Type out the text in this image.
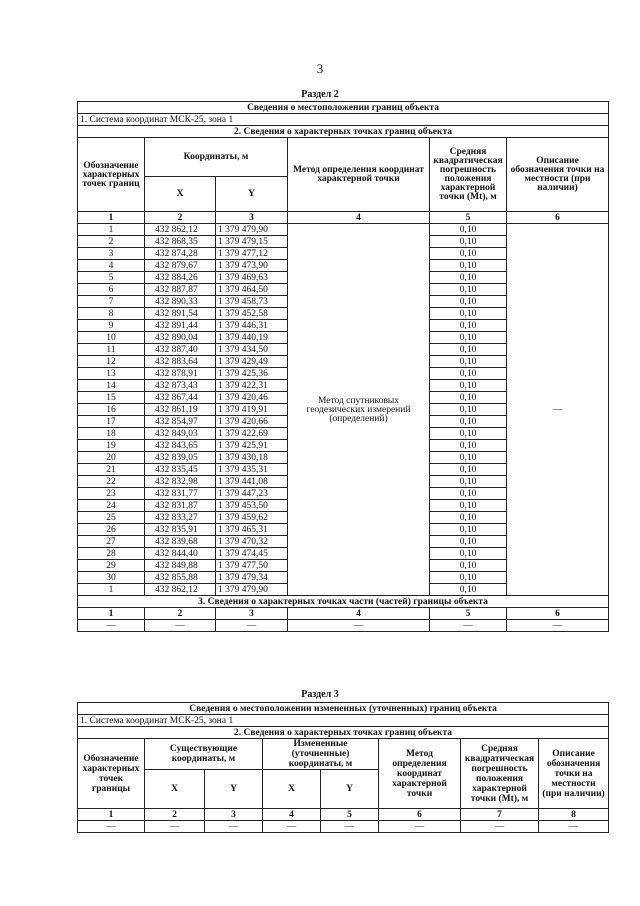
3
Раздел 2
Сведения о местоположении границ объекта					
1. Система координат МСК-25, зона 1					
2. Сведения о характерных точках границ объекта					
Обозначение характерных точек границ	Координаты, м		Метод определения координат характерной точки	Средняя квадратическая погрешность положения характерной точки (Mt), м	Описание обозначения точки на местности (при наличии)
	X	Y			
1	2	3	4	5	6
1	432 862,12	1 379 479,90	Метод спутниковых геодезических измерений (определений)	0,10	—
2	432 868,35	1 379 479,15		0,10	
3	432 874,28	1 379 477,12		0,10	
4	432 879,67	1 379 473,90		0,10	
5	432 884,26	1 379 469,63		0,10	
6	432 887,87	1 379 464,50		0,10	
7	432 890,33	1 379 458,73		0,10	
8	432 891,54	1 379 452,58		0,10	
9	432 891,44	1 379 446,31		0,10	
10	432 890,04	1 379 440,19		0,10	
11	432 887,40	1 379 434,50		0,10	
12	432 883,64	1 379 429,49		0,10	
13	432 878,91	1 379 425,36		0,10	
14	432 873,43	1 379 422,31		0,10	
15	432 867,44	1 379 420,46		0,10	
16	432 861,19	1 379 419,91		0,10	
17	432 854,97	1 379 420,66		0,10	
18	432 849,03	1 379 422,69		0,10	
19	432 843,65	1 379 425,91		0,10	
20	432 839,05	1 379 430,18		0,10	
21	432 835,45	1 379 435,31		0,10	
22	432 832,98	1 379 441,08		0,10	
23	432 831,77	1 379 447,23		0,10	
24	432 831,87	1 379 453,50		0,10	
25	432 833,27	1 379 459,62		0,10	
26	432 835,91	1 379 465,31		0,10	
27	432 839,68	1 379 470,32		0,10	
28	432 844,40	1 379 474,45		0,10	
29	432 849,88	1 379 477,50		0,10	
30	432 855,88	1 379 479,34		0,10	
1	432 862,12	1 379 479,90		0,10	
3. Сведения о характерных точках части (частей) границы объекта					
1	2	3	4	5	6
—	—	—	—	—	—
Раздел 3
Сведения о местоположении измененных (уточненных) границ объекта							
1. Система координат МСК-25, зона 1							
2. Сведения о характерных точках границ объекта							
Обозначение характерных точек границы	Существующие координаты, м		Измененные (уточненные) координаты, м		Метод определения координат характерной точки	Средняя квадратическая погрешность положения характерной точки (Mt), м	Описание обозначения точки на местности (при наличии)
	X	Y	X	Y			
1	2	3	4	5	6	7	8
—	—	—	—	—	—	—	—
